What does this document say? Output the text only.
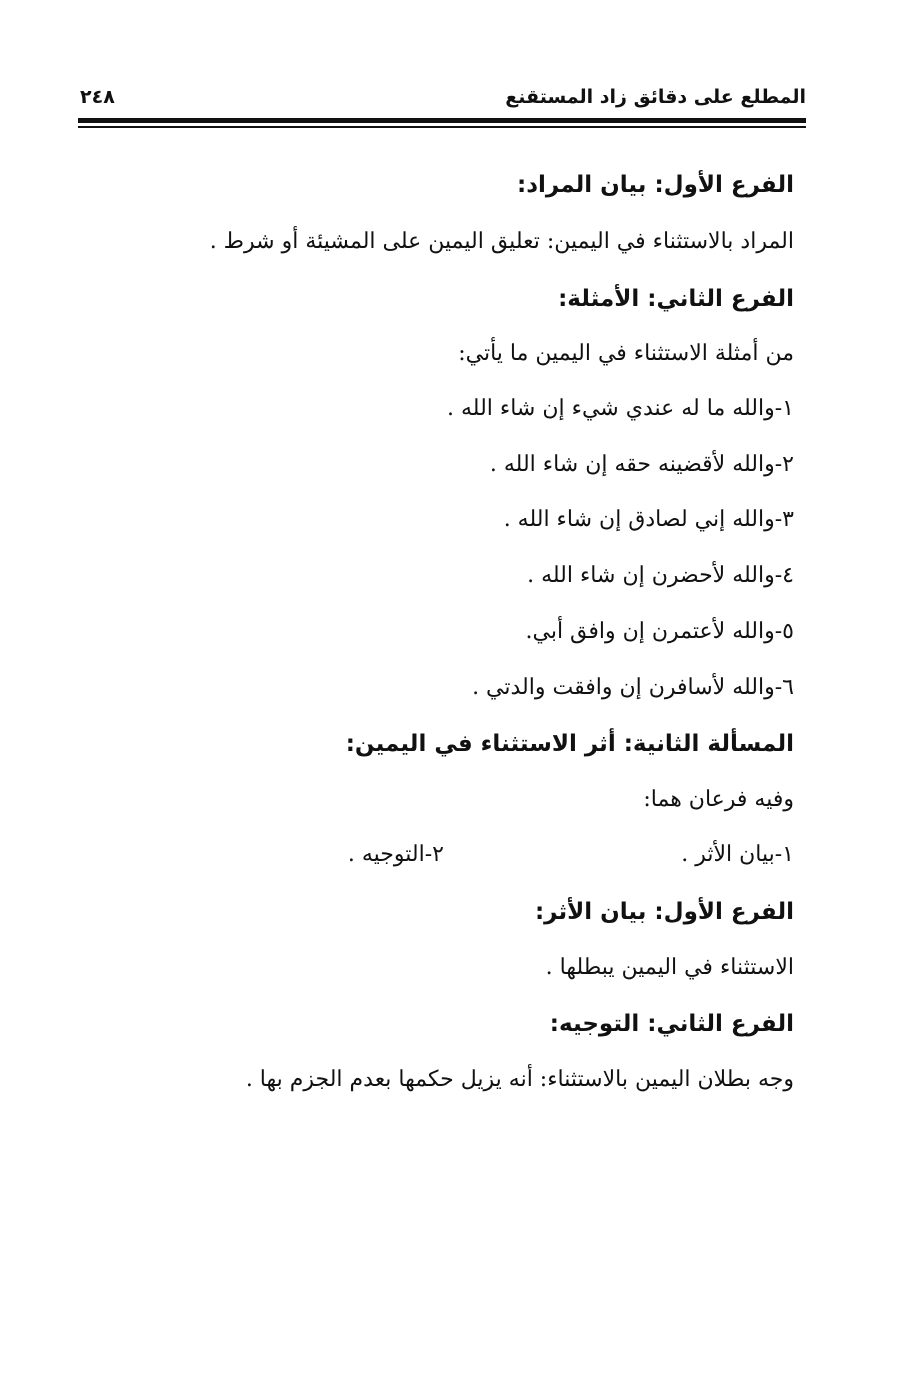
المطلع على دقائق زاد المستقنع
٢٤٨
الفرع الأول: بيان المراد:
المراد بالاستثناء في اليمين: تعليق اليمين على المشيئة أو شرط .
الفرع الثاني: الأمثلة:
من أمثلة الاستثناء في اليمين ما يأتي:
١-والله ما له عندي شيء إن شاء الله .
٢-والله لأقضينه حقه إن شاء الله .
٣-والله إني لصادق إن شاء الله .
٤-والله لأحضرن إن شاء الله .
٥-والله لأعتمرن إن وافق أبي.
٦-والله لأسافرن إن وافقت والدتي .
المسألة الثانية: أثر الاستثناء في اليمين:
وفيه فرعان هما:
١-بيان الأثر .
٢-التوجيه .
الفرع الأول: بيان الأثر:
الاستثناء في اليمين يبطلها .
الفرع الثاني: التوجيه:
وجه بطلان اليمين بالاستثناء: أنه يزيل حكمها بعدم الجزم بها .
